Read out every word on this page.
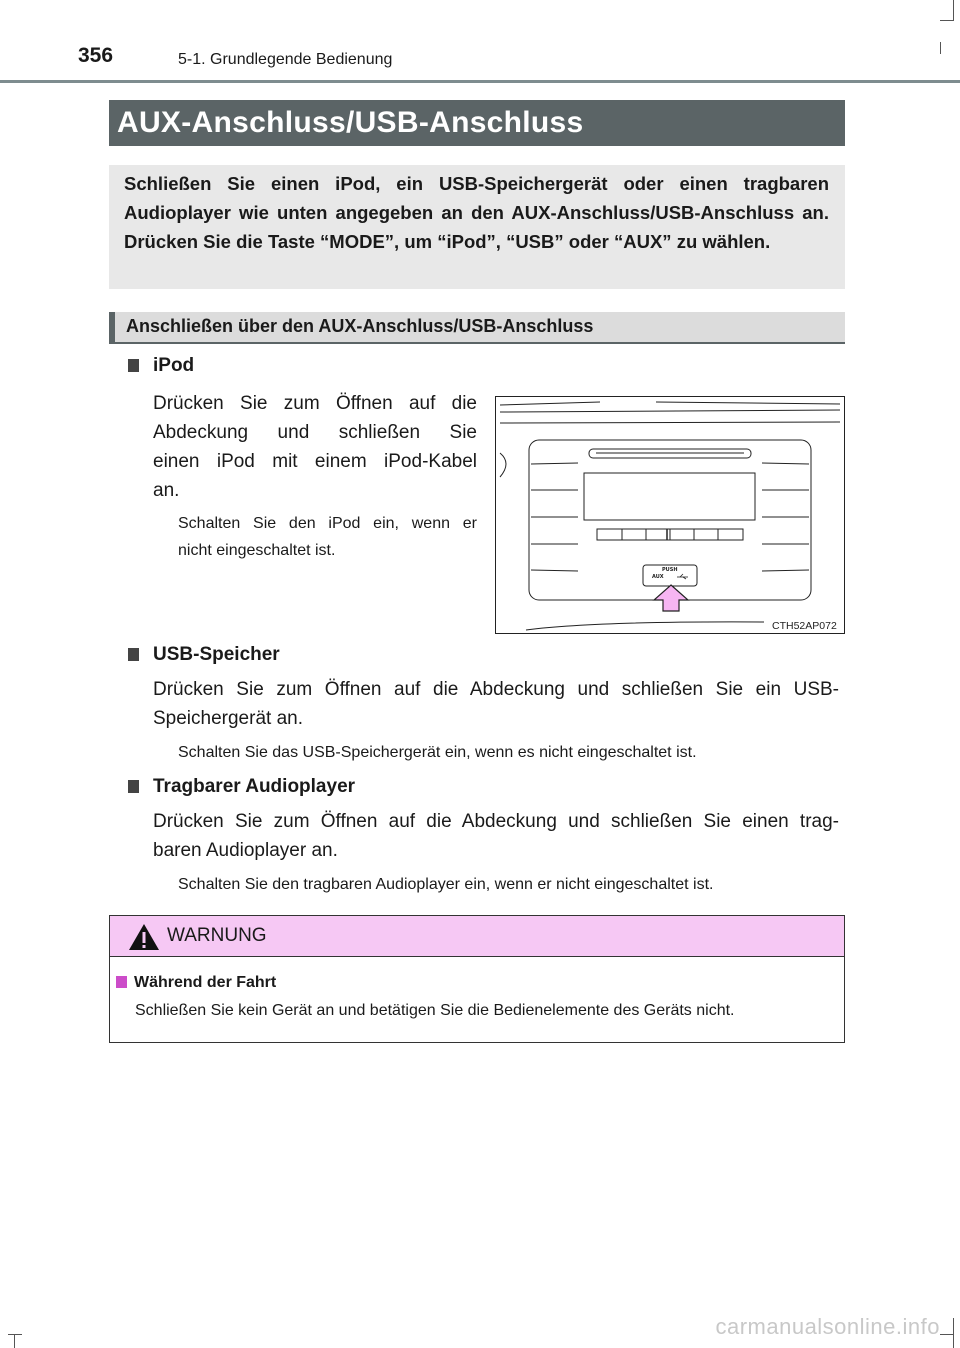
356	5-1. Grundlegende Bedienung
AUX-Anschluss/USB-Anschluss
Schließen Sie einen iPod, ein USB-Speichergerät oder einen tragbaren Audioplayer wie unten angegeben an den AUX-Anschluss/USB-Anschluss an. Drücken Sie die Taste “MODE”, um “iPod”, “USB” oder “AUX” zu wählen.
Anschließen über den AUX-Anschluss/USB-Anschluss
iPod
Drücken Sie zum Öffnen auf die
Abdeckung und schließen Sie
einen iPod mit einem iPod-Kabel
an.
Schalten Sie den iPod ein, wenn er
nicht eingeschaltet ist.
PUSH
AUX
CTH52AP072
USB-Speicher
Drücken Sie zum Öffnen auf die Abdeckung und schließen Sie ein USB-
Speichergerät an.
Schalten Sie das USB-Speichergerät ein, wenn es nicht eingeschaltet ist.
Tragbarer Audioplayer
Drücken Sie zum Öffnen auf die Abdeckung und schließen Sie einen trag-
baren Audioplayer an.
Schalten Sie den tragbaren Audioplayer ein, wenn er nicht eingeschaltet ist.
WARNUNG
Während der Fahrt
Schließen Sie kein Gerät an und betätigen Sie die Bedienelemente des Geräts nicht.
carmanualsonline.info
